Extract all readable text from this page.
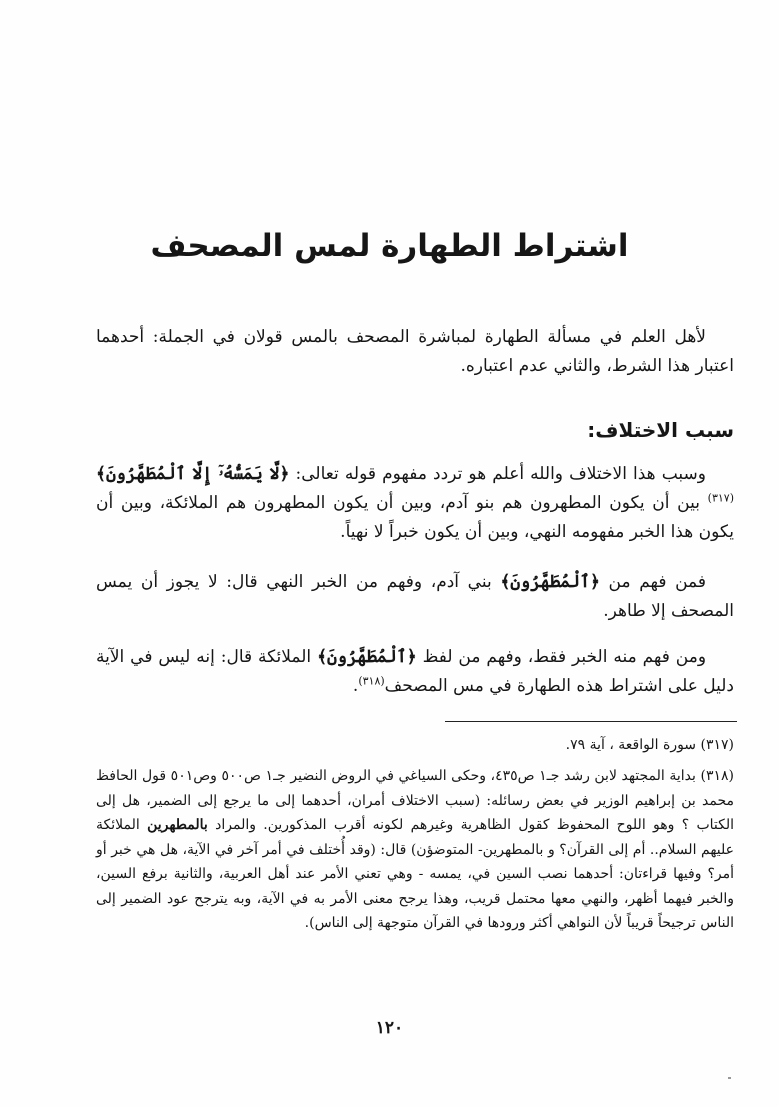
اشتراط الطهارة لمس المصحف
لأهل العلم في مسألة الطهارة لمباشرة المصحف بالمس قولان في الجملة: أحدهما اعتبار هذا الشرط، والثاني عدم اعتباره.
سبب الاختلاف:
وسبب هذا الاختلاف والله أعلم هو تردد مفهوم قوله تعالى: ﴿لَّا يَمَسُّهُۥٓ إِلَّا ٱلْمُطَهَّرُونَ﴾$^{(٣١٧)}$ بين أن يكون المطهرون هم بنو آدم، وبين أن يكون المطهرون هم الملائكة، وبين أن يكون هذا الخبر مفهومه النهي، وبين أن يكون خبراً لا نهياً.
فمن فهم من ﴿ٱلْمُطَهَّرُونَ﴾ بني آدم، وفهم من الخبر النهي قال: لا يجوز أن يمس المصحف إلا طاهر.
ومن فهم منه الخبر فقط، وفهم من لفظ ﴿ٱلْمُطَهَّرُونَ﴾ الملائكة قال: إنه ليس في الآية دليل على اشتراط هذه الطهارة في مس المصحف$^{(٣١٨)}$.
(٣١٧) سورة الواقعة ، آية ٧٩.
(٣١٨) بداية المجتهد لابن رشد جـ١ ص٤٣٥، وحكى السياغي في الروض النضير جـ١ ص٥٠٠ وص٥٠١ قول الحافظ محمد بن إبراهيم الوزير في بعض رسائله: (سبب الاختلاف أمران، أحدهما إلى ما يرجع إلى الضمير، هل إلى الكتاب ؟ وهو اللوح المحفوظ كقول الظاهرية وغيرهم لكونه أقرب المذكورين. والمراد بالمطهرين الملائكة عليهم السلام.. أم إلى القرآن؟ و بالمطهرين- المتوضؤن) قال: (وقد أُختلف في أمر آخر في الآية، هل هي خبر أو أمر؟ وفيها قراءتان: أحدهما نصب السين في، يمسه - وهي تعني الأمر عند أهل العربية، والثانية برفع السين، والخبر فيهما أظهر، والنهي معها محتمل قريب، وهذا يرجح معنى الأمر به في الآية، وبه يترجح عود الضمير إلى الناس ترجيحاً قريباً لأن النواهي أكثر ورودها في القرآن متوجهة إلى الناس).
١٢٠
